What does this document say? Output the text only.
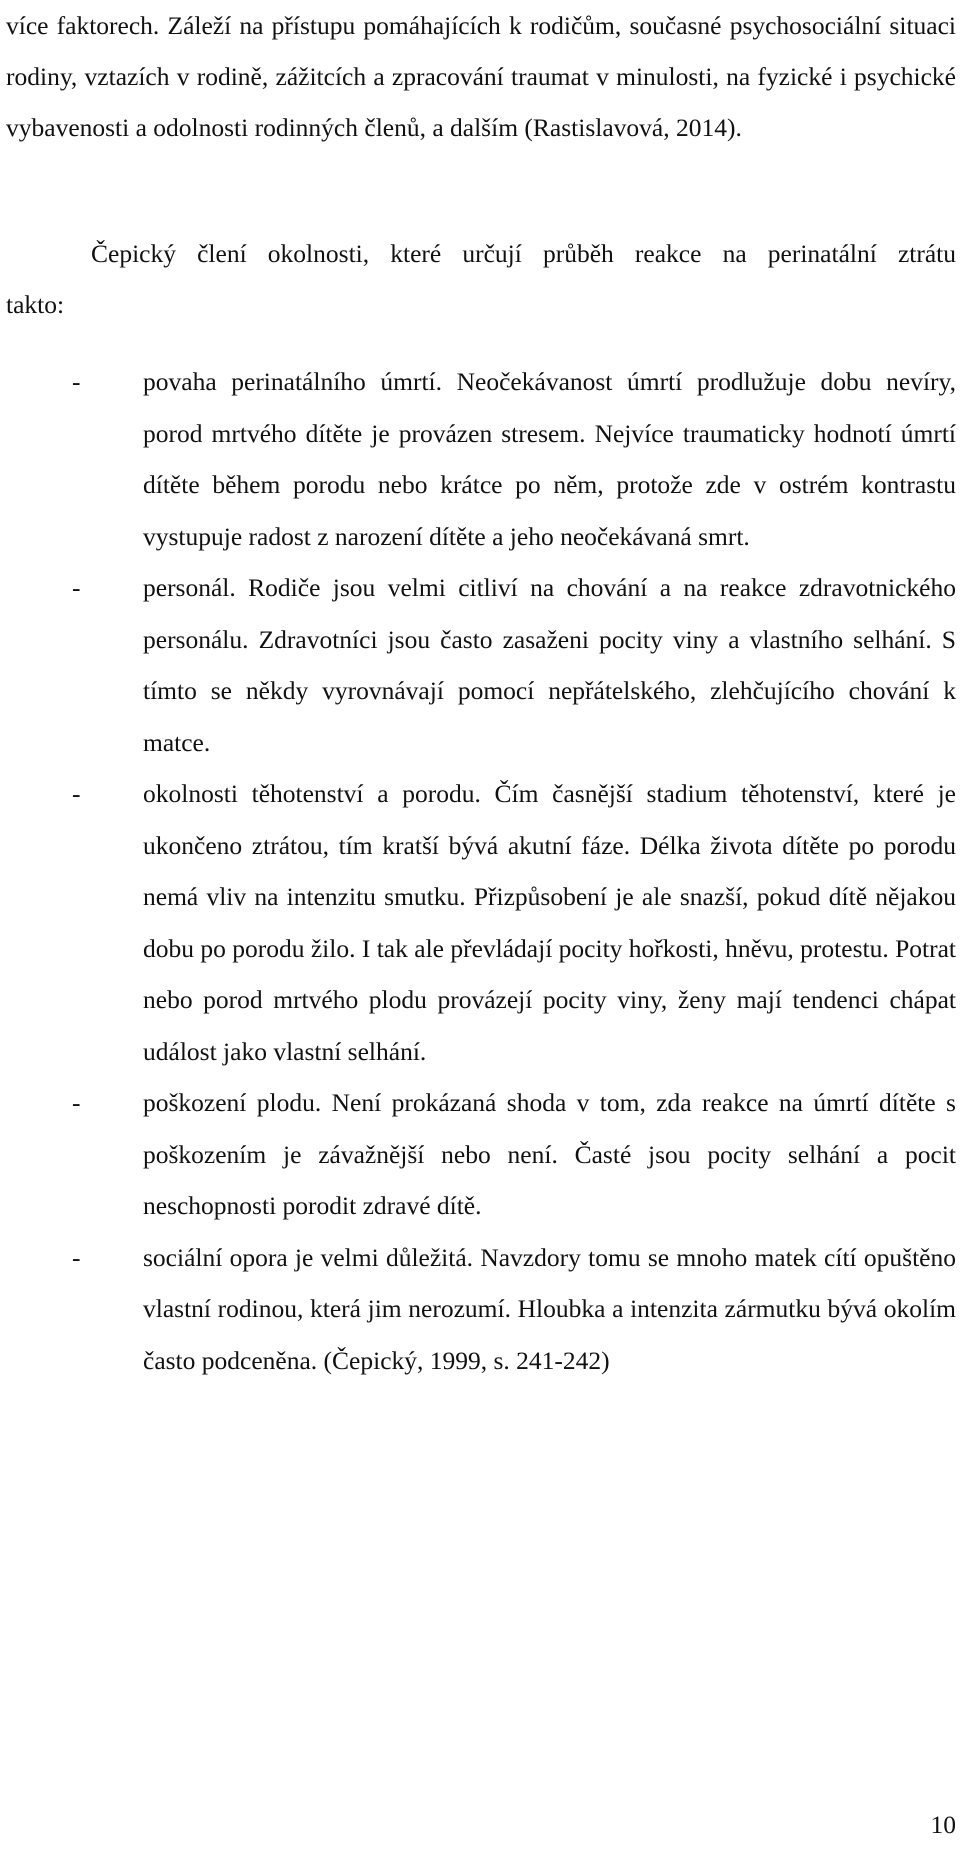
více faktorech. Záleží na přístupu pomáhajících k rodičům, současné psychosociální situaci rodiny, vztazích v rodině, zážitcích a zpracování traumat v minulosti, na fyzické i psychické vybavenosti a odolnosti rodinných členů, a dalším (Rastislavová, 2014).

Čepický člení okolnosti, které určují průběh reakce na perinatální ztrátu

takto:

- povaha perinatálního úmrtí. Neočekávanost úmrtí prodlužuje dobu nevíry, porod mrtvého dítěte je provázen stresem. Nejvíce traumaticky hodnotí úmrtí dítěte během porodu nebo krátce po něm, protože zde v ostrém kontrastu vystupuje radost z narození dítěte a jeho neočekávaná smrt.
- personál. Rodiče jsou velmi citliví na chování a na reakce zdravotnického personálu. Zdravotníci jsou často zasaženi pocity viny a vlastního selhání. S tímto se někdy vyrovnávají pomocí nepřátelského, zlehčujícího chování k matce.
- okolnosti těhotenství a porodu. Čím časnější stadium těhotenství, které je ukončeno ztrátou, tím kratší bývá akutní fáze. Délka života dítěte po porodu nemá vliv na intenzitu smutku. Přizpůsobení je ale snazší, pokud dítě nějakou dobu po porodu žilo. I tak ale převládají pocity hořkosti, hněvu, protestu. Potrat nebo porod mrtvého plodu provázejí pocity viny, ženy mají tendenci chápat událost jako vlastní selhání.
- poškození plodu. Není prokázaná shoda v tom, zda reakce na úmrtí dítěte s poškozením je závažnější nebo není. Časté jsou pocity selhání a pocit neschopnosti porodit zdravé dítě.
- sociální opora je velmi důležitá. Navzdory tomu se mnoho matek cítí opuštěno vlastní rodinou, která jim nerozumí. Hloubka a intenzita zármutku bývá okolím často podceněna. (Čepický, 1999, s. 241-242)
10
